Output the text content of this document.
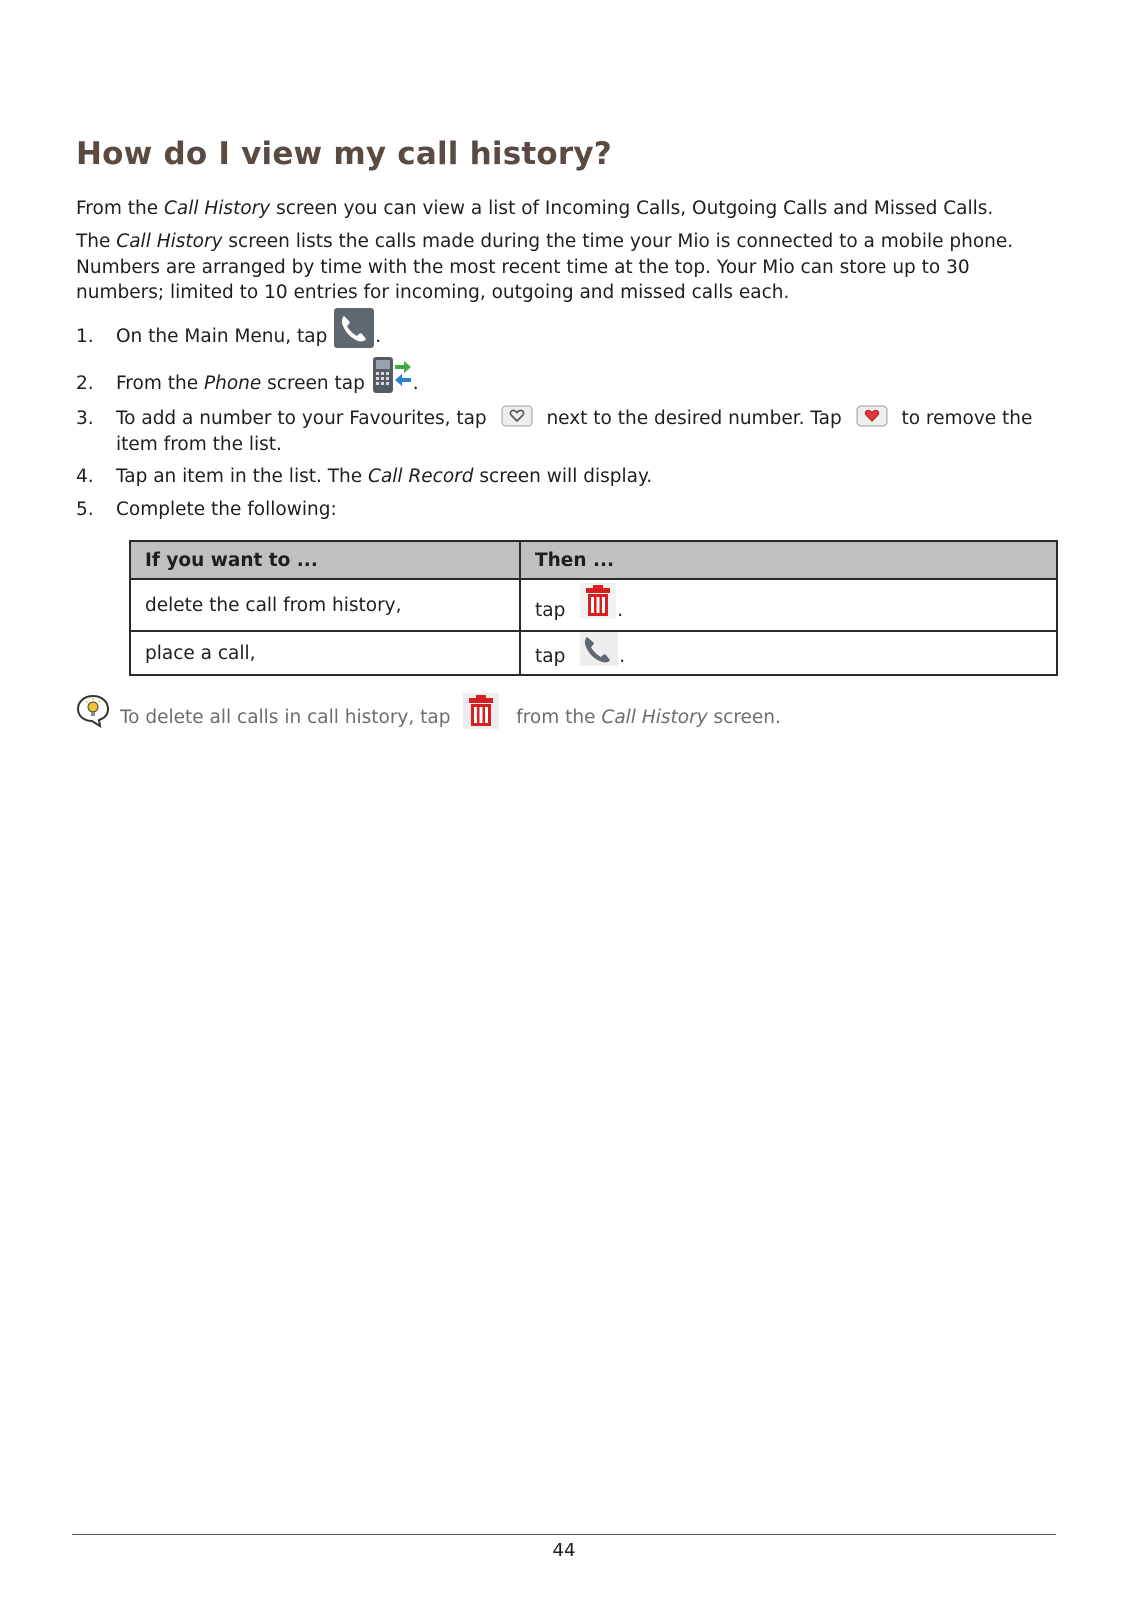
How do I view my call history?

From the Call History screen you can view a list of Incoming Calls, Outgoing Calls and Missed Calls.

The Call History screen lists the calls made during the time your Mio is connected to a mobile phone. Numbers are arranged by time with the most recent time at the top. Your Mio can store up to 30 numbers; limited to 10 entries for incoming, outgoing and missed calls each.

1.	On the Main Menu, tap
.
2.	From the Phone screen tap
.
3.	To add a number to your Favourites, tap	next to the desired number. Tap	to remove the item from the list.
4.	Tap an item in the list. The Call Record screen will display.
5.	Complete the following:
If you want to ...	Then ...
delete the call from history,	tap .
place a call,	tap .
To delete all calls in call history, tap	from the Call History screen.
44
